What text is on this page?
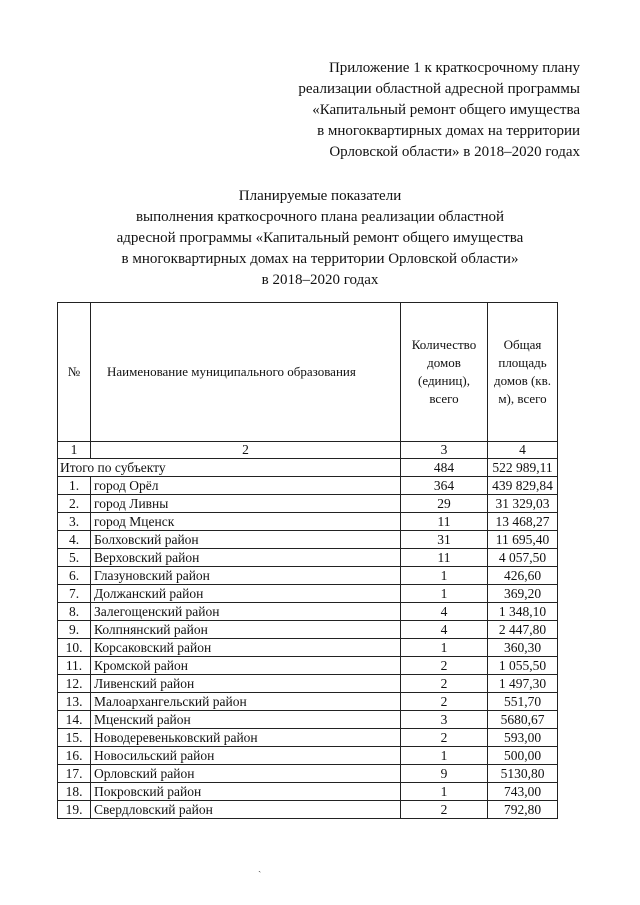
Приложение 1 к краткосрочному плану
реализации областной адресной программы
«Капитальный ремонт общего имущества
в многоквартирных домах на территории
Орловской области» в 2018–2020 годах
Планируемые показатели
выполнения краткосрочного плана реализации областной
адресной программы «Капитальный ремонт общего имущества
в многоквартирных домах на территории Орловской области»
в 2018–2020 годах
№	Наименование муниципального образования	Количество домов (единиц), всего	Общая площадь домов (кв. м), всего
1	2	3	4
Итого по субъекту		484	522 989,11
1.	город Орёл	364	439 829,84
2.	город Ливны	29	31 329,03
3.	город Мценск	11	13 468,27
4.	Болховский район	31	11 695,40
5.	Верховский район	11	4 057,50
6.	Глазуновский район	1	426,60
7.	Должанский район	1	369,20
8.	Залегощенский район	4	1 348,10
9.	Колпнянский район	4	2 447,80
10.	Корсаковский район	1	360,30
11.	Кромской район	2	1 055,50
12.	Ливенский район	2	1 497,30
13.	Малоархангельский район	2	551,70
14.	Мценский район	3	5680,67
15.	Новодеревеньковский район	2	593,00
16.	Новосильский район	1	500,00
17.	Орловский район	9	5130,80
18.	Покровский район	1	743,00
19.	Свердловский район	2	792,80
ˎ
